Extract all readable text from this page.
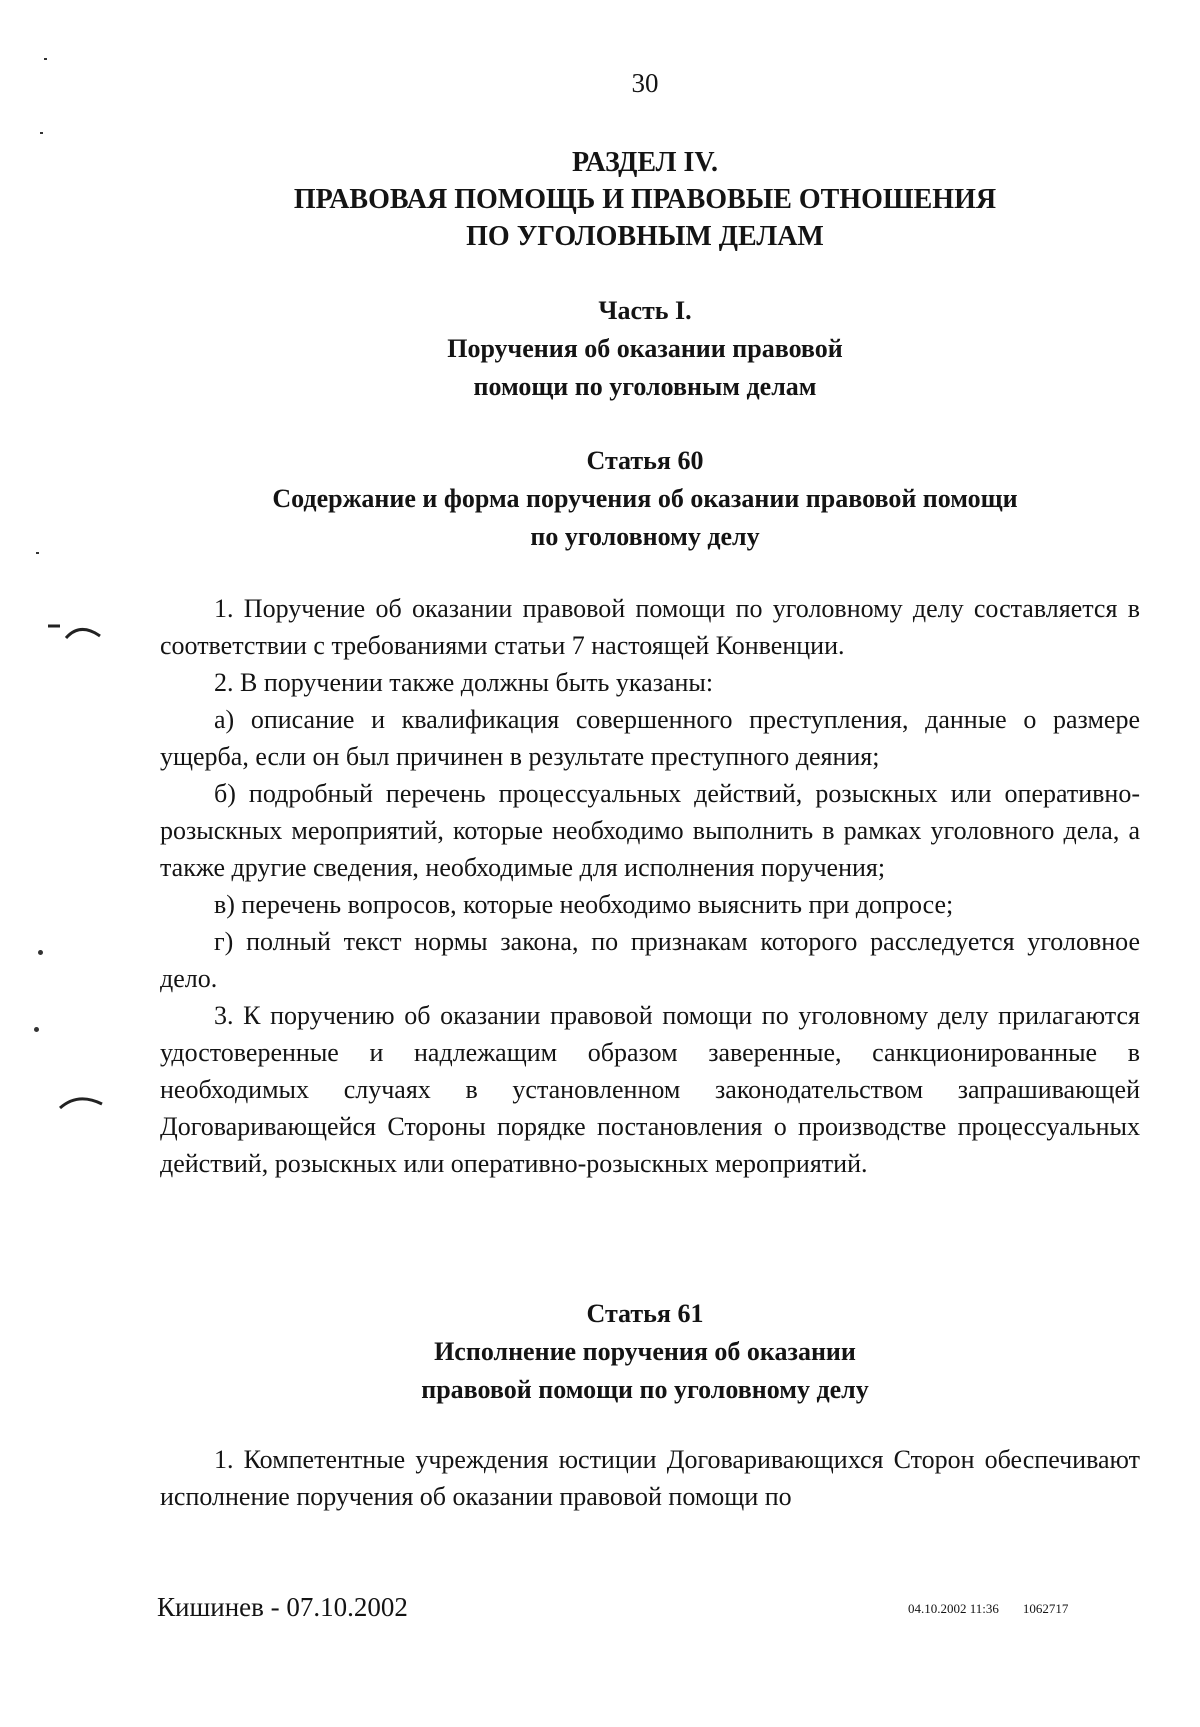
30
РАЗДЕЛ IV.
ПРАВОВАЯ ПОМОЩЬ И ПРАВОВЫЕ ОТНОШЕНИЯ
ПО УГОЛОВНЫМ ДЕЛАМ
Часть I.
Поручения об оказании правовой
помощи по уголовным делам
Статья 60
Содержание и форма поручения об оказании правовой помощи
по уголовному делу

1. Поручение об оказании правовой помощи по уголовному делу составляется в соответствии с требованиями статьи 7 настоящей Конвенции.

2. В поручении также должны быть указаны:

а) описание и квалификация совершенного преступления, данные о размере ущерба, если он был причинен в результате преступного деяния;

б) подробный перечень процессуальных действий, розыскных или оперативно-розыскных мероприятий, которые необходимо выполнить в рамках уголовного дела, а также другие сведения, необходимые для исполнения поручения;

в) перечень вопросов, которые необходимо выяснить при допросе;

г) полный текст нормы закона, по признакам которого расследуется уголовное дело.

3. К поручению об оказании правовой помощи по уголовному делу прилагаются удостоверенные и надлежащим образом заверенные, санкционированные в необходимых случаях в установленном законодательством запрашивающей Договаривающейся Стороны порядке постановления о производстве процессуальных действий, розыскных или оперативно-розыскных мероприятий.

Статья 61
Исполнение поручения об оказании
правовой помощи по уголовному делу

1. Компетентные учреждения юстиции Договаривающихся Сторон обеспечивают исполнение поручения об оказании правовой помощи по

Кишинев - 07.10.2002	04.10.2002 11:36 1062717
